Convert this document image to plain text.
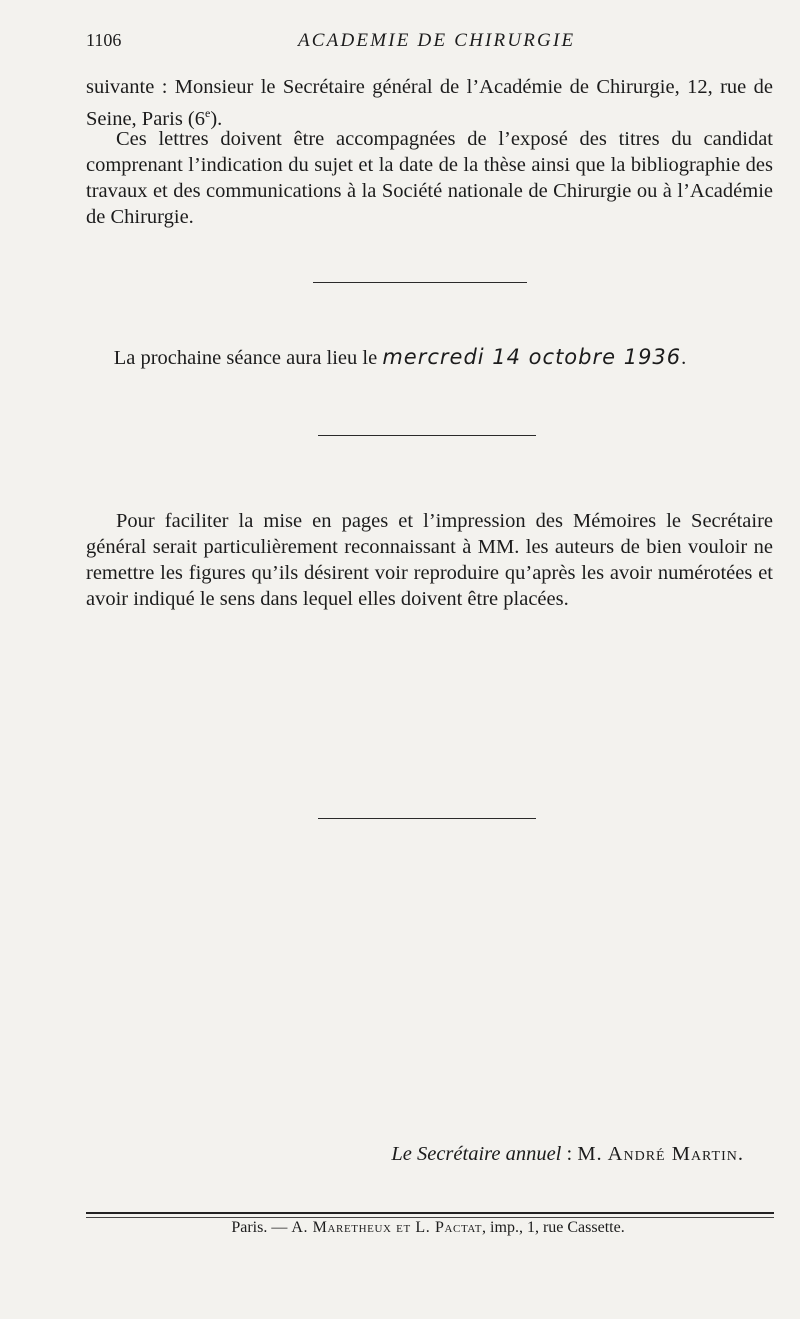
1106	ACADEMIE DE CHIRURGIE

suivante : Monsieur le Secrétaire général de l’Académie de Chirurgie, 12, rue de Seine, Paris (6e).

Ces lettres doivent être accompagnées de l’exposé des titres du candidat comprenant l’indication du sujet et la date de la thèse ainsi que la bibliographie des travaux et des communications à la Société nationale de Chirurgie ou à l’Académie de Chirurgie.

La prochaine séance aura lieu le mercredi 14 octobre 1936.

Pour faciliter la mise en pages et l’impression des Mémoires le Secrétaire général serait particulièrement reconnaissant à MM. les auteurs de bien vouloir ne remettre les figures qu’ils désirent voir reproduire qu’après les avoir numérotées et avoir indiqué le sens dans lequel elles doivent être placées.

Le Secrétaire annuel : M. André Martin.
Paris. — A. Maretheux et L. Pactat, imp., 1, rue Cassette.
